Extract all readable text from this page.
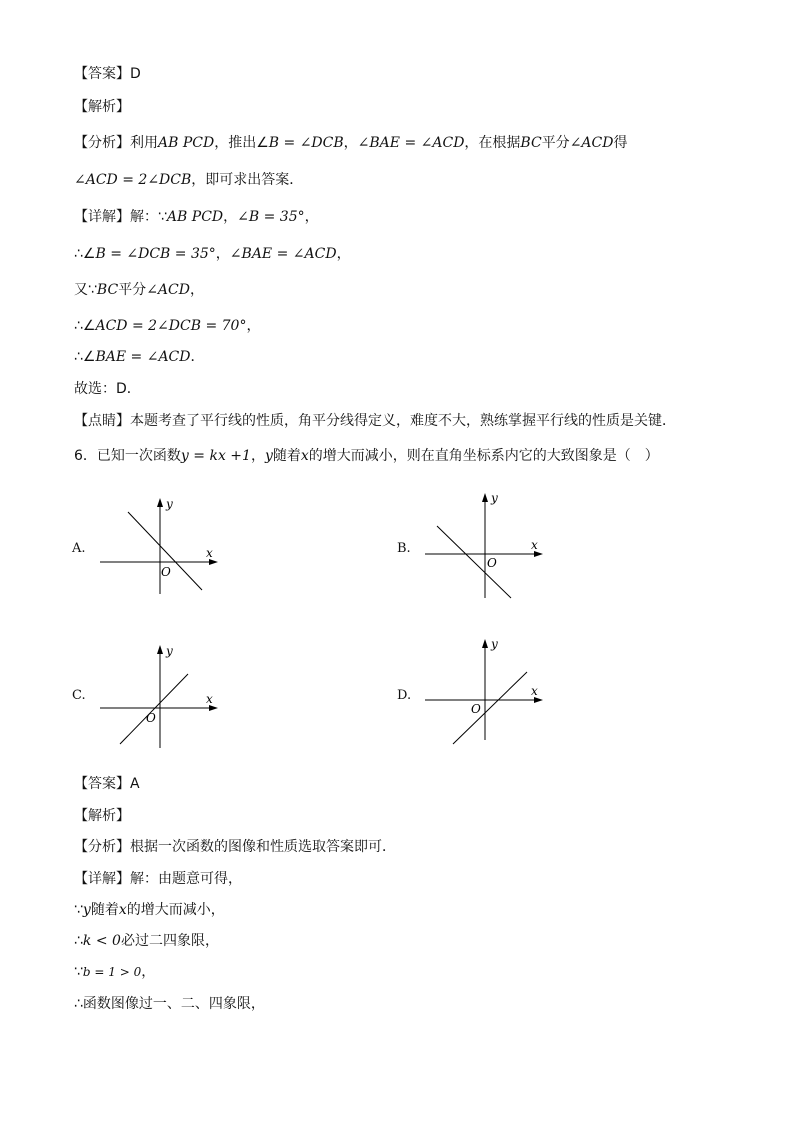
【答案】D
【解析】
【分析】利用AB PCD，推出∠B = ∠DCB，∠BAE = ∠ACD，在根据BC平分∠ACD得
∠ACD = 2∠DCB，即可求出答案．
【详解】解：∵AB PCD，∠B = 35°，
∴∠B = ∠DCB = 35°，∠BAE = ∠ACD，
又∵BC平分∠ACD，
∴∠ACD = 2∠DCB = 70°，
∴∠BAE = ∠ACD．
故选：D．
【点睛】本题考查了平行线的性质，角平分线得定义，难度不大，熟练掌握平行线的性质是关键．
6．已知一次函数y = kx +1，y随着x的增大而减小，则在直角坐标系内它的大致图象是（　）
A.	x
y
O
B.	x
y
O
C.	x
y
O
D.	x
y
O
【答案】A
【解析】
【分析】根据一次函数的图像和性质选取答案即可．
【详解】解：由题意可得，
∵y随着x的增大而减小，
∴k < 0必过二四象限，
∵b = 1 > 0，
∴函数图像过一、二、四象限，
